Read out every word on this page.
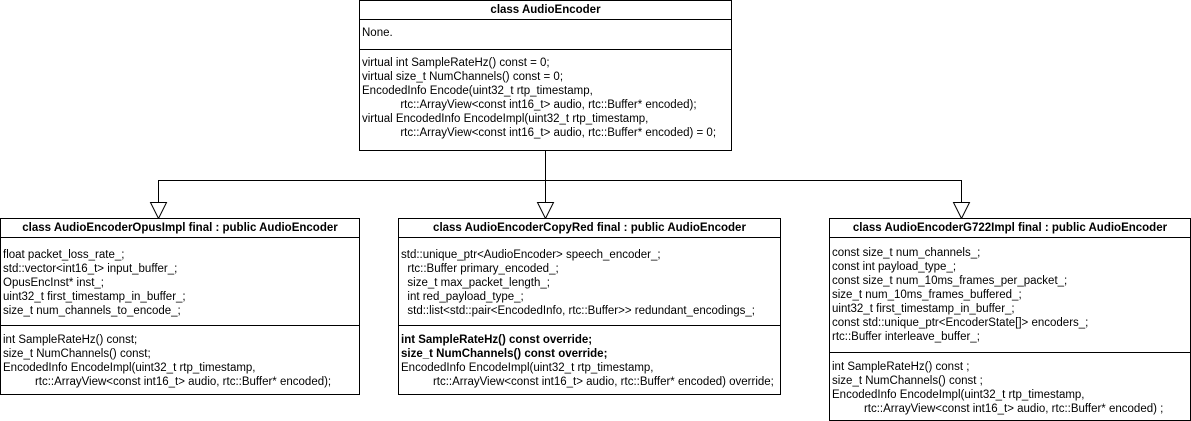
class AudioEncoder
None.
virtual int SampleRateHz() const = 0;
virtual size_t NumChannels() const = 0;
EncodedInfo Encode(uint32_t rtp_timestamp,
rtc::ArrayView<const int16_t> audio, rtc::Buffer* encoded);
virtual EncodedInfo EncodeImpl(uint32_t rtp_timestamp,
rtc::ArrayView<const int16_t> audio, rtc::Buffer* encoded) = 0;
class AudioEncoderOpusImpl final : public AudioEncoder
float packet_loss_rate_;
std::vector<int16_t> input_buffer_;
OpusEncInst* inst_;
uint32_t first_timestamp_in_buffer_;
size_t num_channels_to_encode_;
int SampleRateHz() const;
size_t NumChannels() const;
EncodedInfo EncodeImpl(uint32_t rtp_timestamp,
rtc::ArrayView<const int16_t> audio, rtc::Buffer* encoded);
class AudioEncoderCopyRed final : public AudioEncoder
std::unique_ptr<AudioEncoder> speech_encoder_;
rtc::Buffer primary_encoded_;
size_t max_packet_length_;
int red_payload_type_;
std::list<std::pair<EncodedInfo, rtc::Buffer>> redundant_encodings_;
int SampleRateHz() const override;
size_t NumChannels() const override;
EncodedInfo EncodeImpl(uint32_t rtp_timestamp,
rtc::ArrayView<const int16_t> audio, rtc::Buffer* encoded) override;
class AudioEncoderG722Impl final : public AudioEncoder
const size_t num_channels_;
const int payload_type_;
const size_t num_10ms_frames_per_packet_;
size_t num_10ms_frames_buffered_;
uint32_t first_timestamp_in_buffer_;
const std::unique_ptr<EncoderState[]> encoders_;
rtc::Buffer interleave_buffer_;
int SampleRateHz() const ;
size_t NumChannels() const ;
EncodedInfo EncodeImpl(uint32_t rtp_timestamp,
rtc::ArrayView<const int16_t> audio, rtc::Buffer* encoded) ;
